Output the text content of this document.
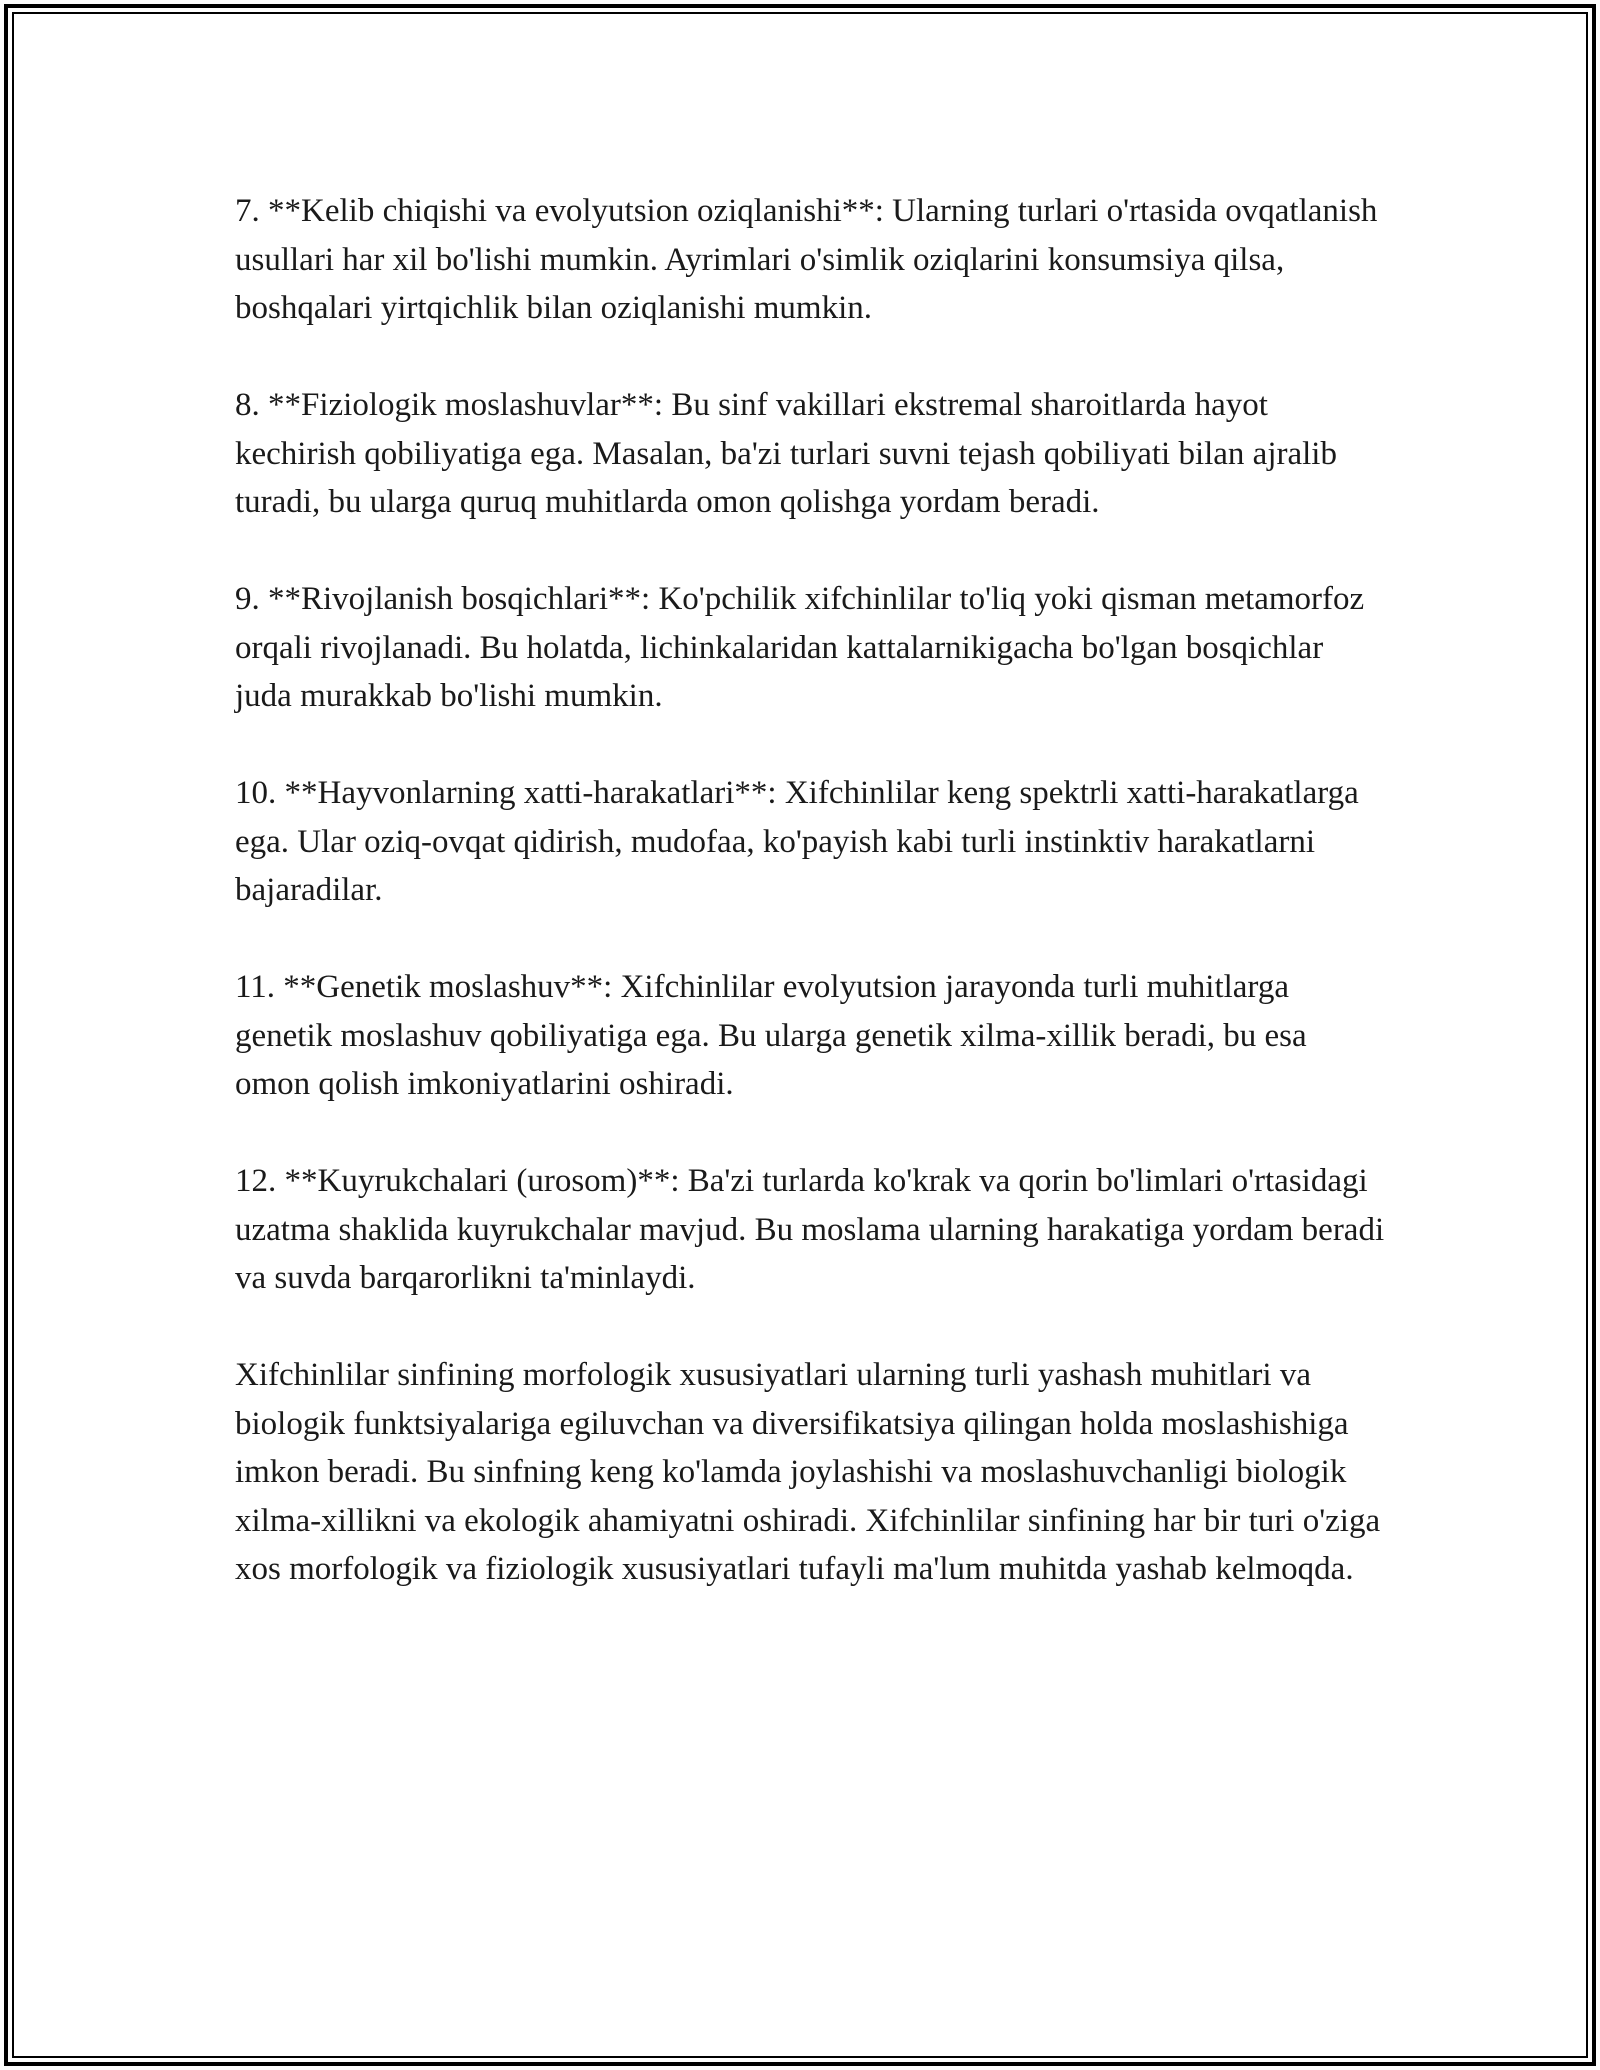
7. **Kelib chiqishi va evolyutsion oziqlanishi**: Ularning turlari o'rtasida ovqatlanish usullari har xil bo'lishi mumkin. Ayrimlari o'simlik oziqlarini konsumsiya qilsa, boshqalari yirtqichlik bilan oziqlanishi mumkin.

8. **Fiziologik moslashuvlar**: Bu sinf vakillari ekstremal sharoitlarda hayot kechirish qobiliyatiga ega. Masalan, ba'zi turlari suvni tejash qobiliyati bilan ajralib turadi, bu ularga quruq muhitlarda omon qolishga yordam beradi.

9. **Rivojlanish bosqichlari**: Ko'pchilik xifchinlilar to'liq yoki qisman metamorfoz orqali rivojlanadi. Bu holatda, lichinkalaridan kattalarnikigacha bo'lgan bosqichlar juda murakkab bo'lishi mumkin.

10. **Hayvonlarning xatti-harakatlari**: Xifchinlilar keng spektrli xatti-harakatlarga ega. Ular oziq-ovqat qidirish, mudofaa, ko'payish kabi turli instinktiv harakatlarni bajaradilar.

11. **Genetik moslashuv**: Xifchinlilar evolyutsion jarayonda turli muhitlarga genetik moslashuv qobiliyatiga ega. Bu ularga genetik xilma-xillik beradi, bu esa omon qolish imkoniyatlarini oshiradi.

12. **Kuyrukchalari (urosom)**: Ba'zi turlarda ko'krak va qorin bo'limlari o'rtasidagi uzatma shaklida kuyrukchalar mavjud. Bu moslama ularning harakatiga yordam beradi va suvda barqarorlikni ta'minlaydi.

Xifchinlilar sinfining morfologik xususiyatlari ularning turli yashash muhitlari va biologik funktsiyalariga egiluvchan va diversifikatsiya qilingan holda moslashishiga imkon beradi. Bu sinfning keng ko'lamda joylashishi va moslashuvchanligi biologik xilma-xillikni va ekologik ahamiyatni oshiradi. Xifchinlilar sinfining har bir turi o'ziga xos morfologik va fiziologik xususiyatlari tufayli ma'lum muhitda yashab kelmoqda.
